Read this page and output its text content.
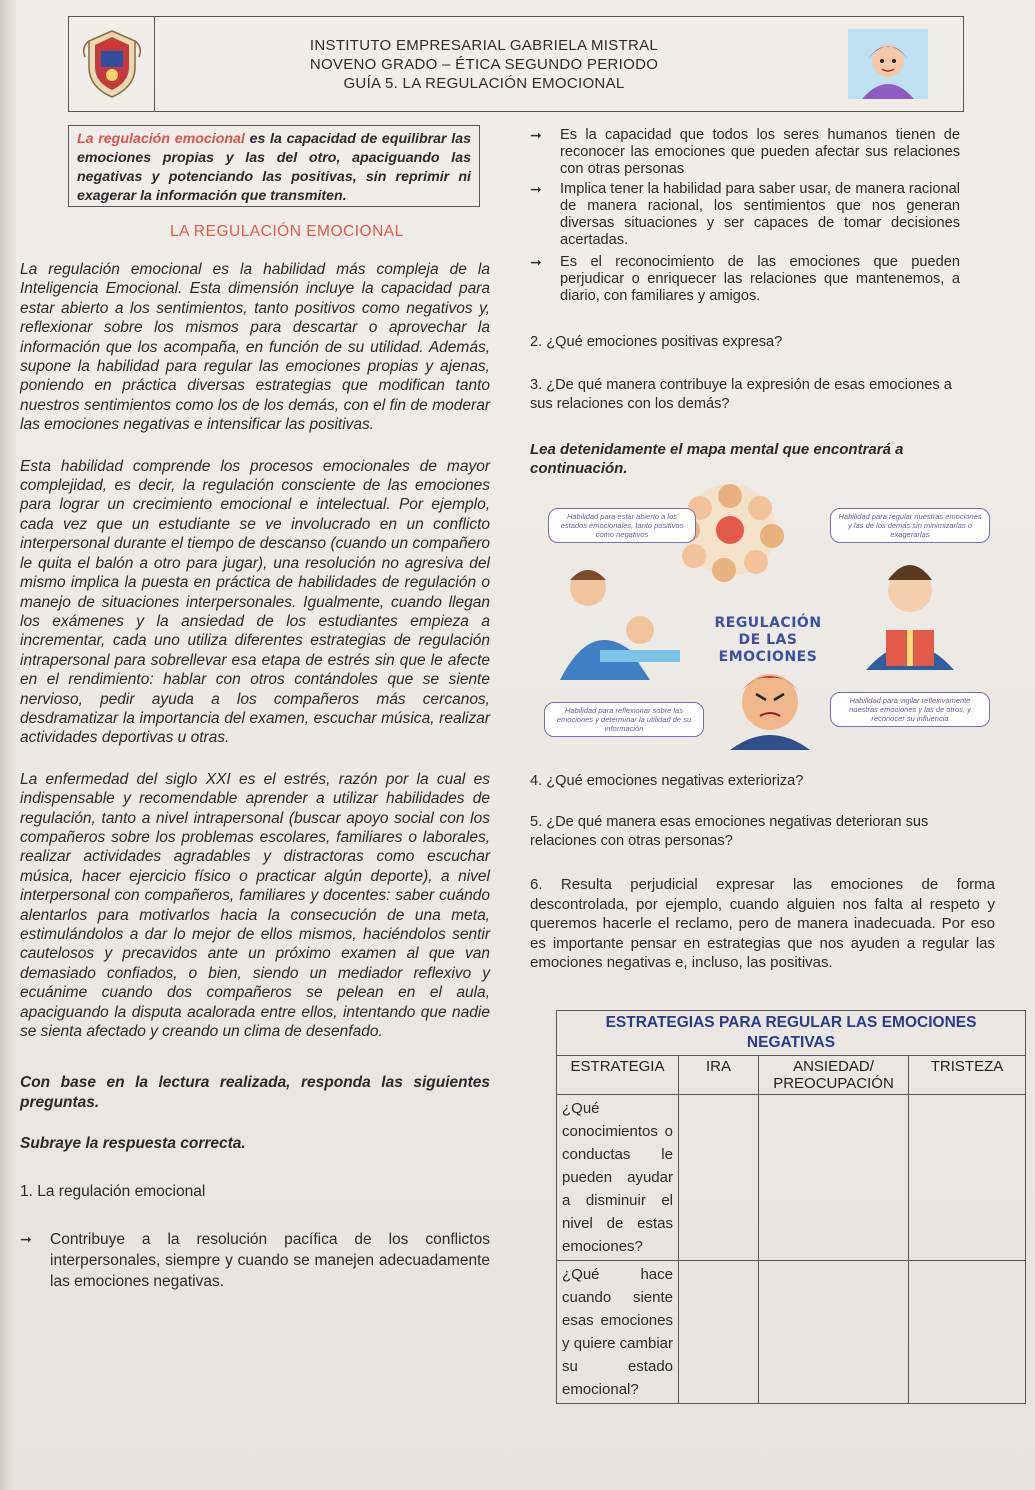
INSTITUTO EMPRESARIAL GABRIELA MISTRAL
NOVENO GRADO – ÉTICA SEGUNDO PERIODO
GUÍA 5. LA REGULACIÓN EMOCIONAL
La regulación emocional es la capacidad de equilibrar las emociones propias y las del otro, apaciguando las negativas y potenciando las positivas, sin reprimir ni exagerar la información que transmiten.
LA REGULACIÓN EMOCIONAL

La regulación emocional es la habilidad más compleja de la Inteligencia Emocional. Esta dimensión incluye la capacidad para estar abierto a los sentimientos, tanto positivos como negativos y, reflexionar sobre los mismos para descartar o aprovechar la información que los acompaña, en función de su utilidad. Además, supone la habilidad para regular las emociones propias y ajenas, poniendo en práctica diversas estrategias que modifican tanto nuestros sentimientos como los de los demás, con el fin de moderar las emociones negativas e intensificar las positivas.

Esta habilidad comprende los procesos emocionales de mayor complejidad, es decir, la regulación consciente de las emociones para lograr un crecimiento emocional e intelectual. Por ejemplo, cada vez que un estudiante se ve involucrado en un conflicto interpersonal durante el tiempo de descanso (cuando un compañero le quita el balón a otro para jugar), una resolución no agresiva del mismo implica la puesta en práctica de habilidades de regulación o manejo de situaciones interpersonales. Igualmente, cuando llegan los exámenes y la ansiedad de los estudiantes empieza a incrementar, cada uno utiliza diferentes estrategias de regulación intrapersonal para sobrellevar esa etapa de estrés sin que le afecte en el rendimiento: hablar con otros contándoles que se siente nervioso, pedir ayuda a los compañeros más cercanos, desdramatizar la importancia del examen, escuchar música, realizar actividades deportivas u otras.

La enfermedad del siglo XXI es el estrés, razón por la cual es indispensable y recomendable aprender a utilizar habilidades de regulación, tanto a nivel intrapersonal (buscar apoyo social con los compañeros sobre los problemas escolares, familiares o laborales, realizar actividades agradables y distractoras como escuchar música, hacer ejercicio físico o practicar algún deporte), a nivel interpersonal con compañeros, familiares y docentes: saber cuándo alentarlos para motivarlos hacia la consecución de una meta, estimulándolos a dar lo mejor de ellos mismos, haciéndolos sentir cautelosos y precavidos ante un próximo examen al que van demasiado confiados, o bien, siendo un mediador reflexivo y ecuánime cuando dos compañeros se pelean en el aula, apaciguando la disputa acalorada entre ellos, intentando que nadie se sienta afectado y creando un clima de desenfado.

Con base en la lectura realizada, responda las siguientes preguntas.

Subraye la respuesta correcta.

1. La regulación emocional

➞	Contribuye a la resolución pacífica de los conflictos interpersonales, siempre y cuando se manejen adecuadamente las emociones negativas.
➞	Es la capacidad que todos los seres humanos tienen de reconocer las emociones que pueden afectar sus relaciones con otras personas
➞	Implica tener la habilidad para saber usar, de manera racional de manera racional, los sentimientos que nos generan diversas situaciones y ser capaces de tomar decisiones acertadas.
➞	Es el reconocimiento de las emociones que pueden perjudicar o enriquecer las relaciones que mantenemos, a diario, con familiares y amigos.

2. ¿Qué emociones positivas expresa?

3. ¿De qué manera contribuye la expresión de esas emociones a sus relaciones con los demás?

Lea detenidamente el mapa mental que encontrará a continuación.

Habilidad para estar abierto a los estados emocionales, tanto positivos como negativos
Habilidad para regular nuestras emociones y las de los demás sin minimizarlas o exagerarlas
Habilidad para reflexionar sobre las emociones y determinar la utilidad de su información
Habilidad para vigilar reflexivamente nuestras emociones y las de otros, y reconocer su influencia
REGULACIÓN DE LAS EMOCIONES

4. ¿Qué emociones negativas exterioriza?

5. ¿De qué manera esas emociones negativas deterioran sus relaciones con otras personas?

6. Resulta perjudicial expresar las emociones de forma descontrolada, por ejemplo, cuando alguien nos falta al respeto y queremos hacerle el reclamo, pero de manera inadecuada. Por eso es importante pensar en estrategias que nos ayuden a regular las emociones negativas e, incluso, las positivas.

ESTRATEGIAS PARA REGULAR LAS EMOCIONES NEGATIVAS			
ESTRATEGIA	IRA	ANSIEDAD/ PREOCUPACIÓN	TRISTEZA
¿Qué conocimientos o conductas le pueden ayudar a disminuir el nivel de estas emociones?			
¿Qué hace cuando siente esas emociones y quiere cambiar su estado emocional?			
